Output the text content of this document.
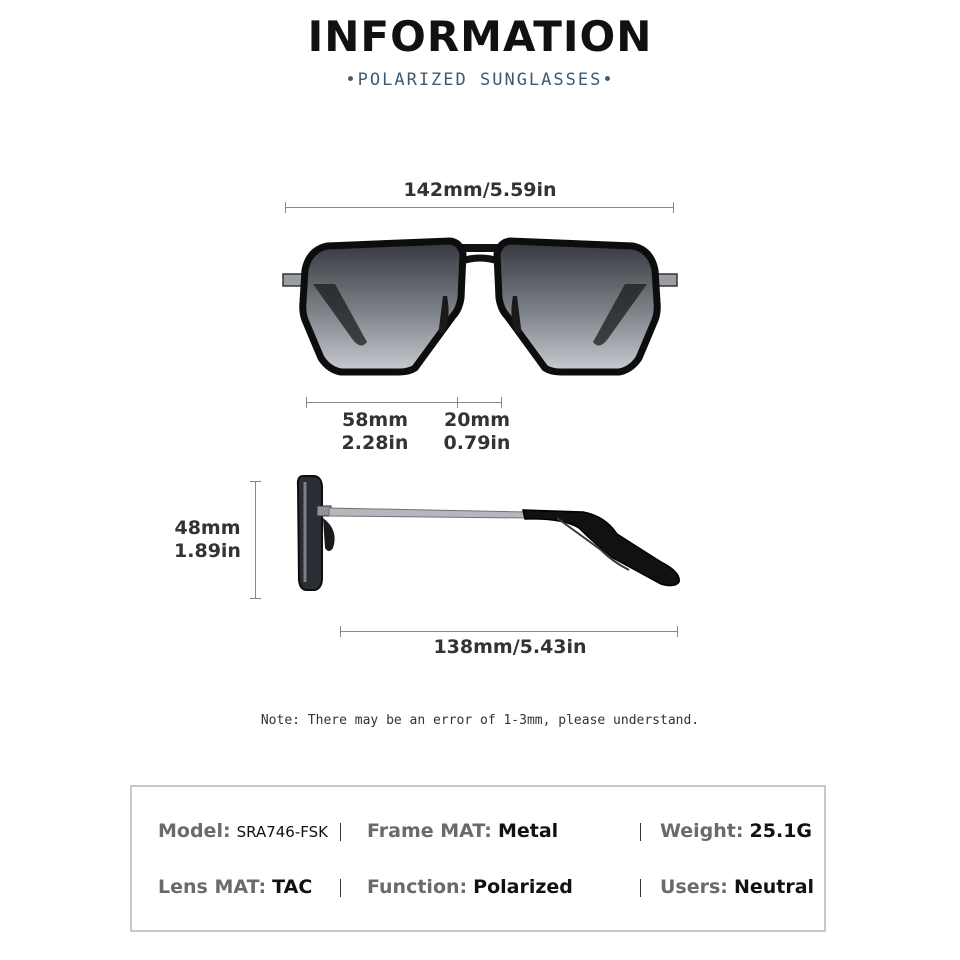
INFORMATION
•POLARIZED SUNGLASSES•
142mm/5.59in
58mm
2.28in
20mm
0.79in
48mm
1.89in
138mm/5.43in
Note: There may be an error of 1-3mm, please understand.
Model: SRA746-FSK Frame MAT: Metal	Weight: 25.1G
Lens MAT: TAC	Function: Polarized	Users: Neutral
